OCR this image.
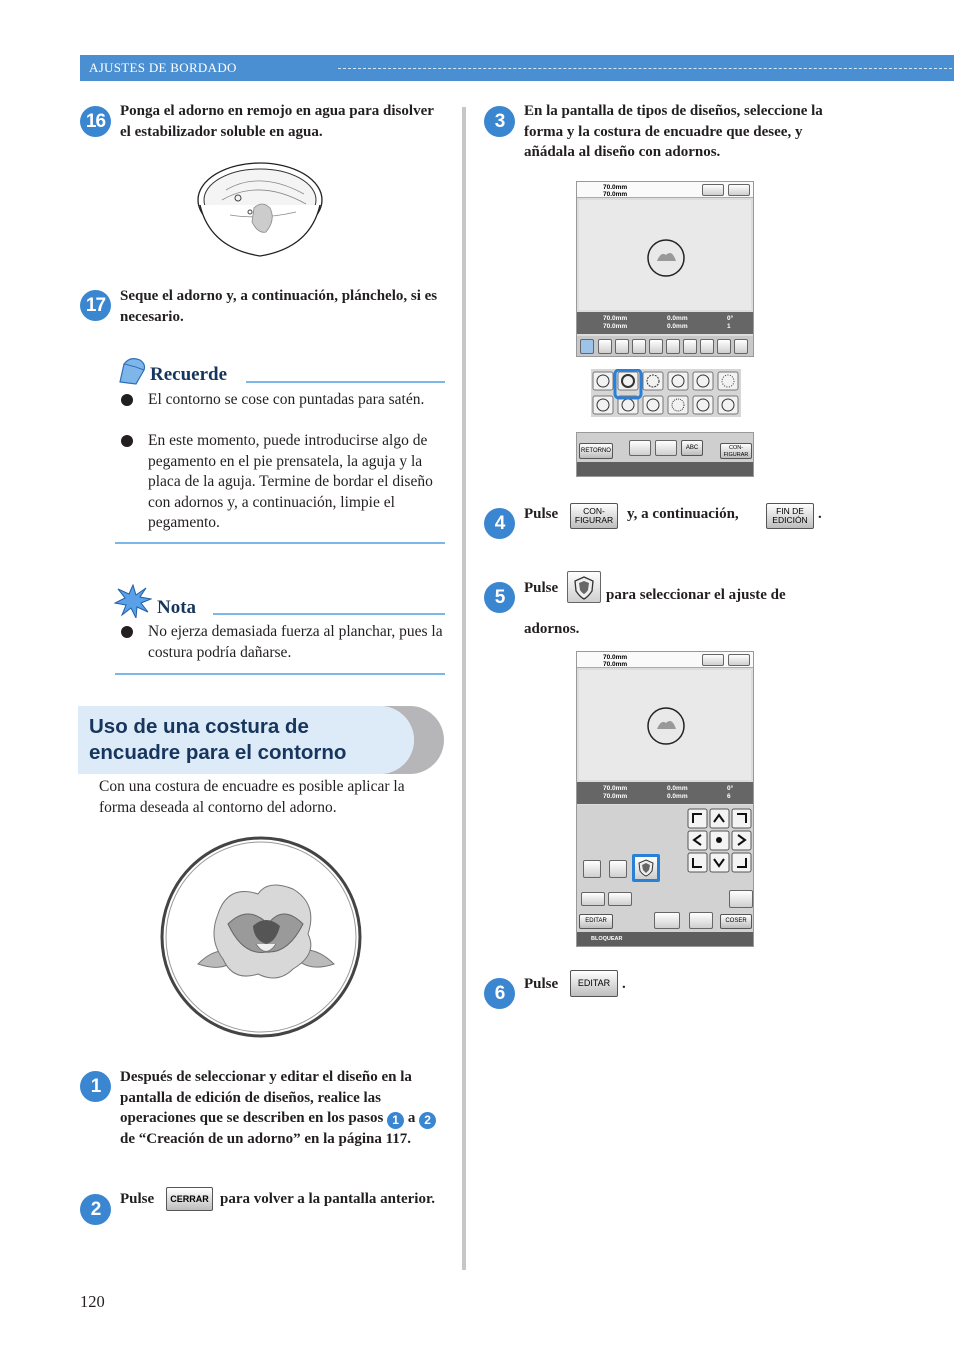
AJUSTES DE BORDADO
16 Ponga el adorno en remojo en agua para disolver el estabilizador soluble en agua.
17 Seque el adorno y, a continuación, plánchelo, si es necesario.
Recuerde
El contorno se cose con puntadas para satén.
En este momento, puede introducirse algo de pegamento en el pie prensatela, la aguja y la placa de la aguja. Termine de bordar el diseño con adornos y, a continuación, limpie el pegamento.
Nota
No ejerza demasiada fuerza al planchar, pues la costura podría dañarse.
Uso de una costura de encuadre para el contorno
Con una costura de encuadre es posible aplicar la forma deseada al contorno del adorno.
1	Después de seleccionar y editar el diseño en la pantalla de edición de diseños, realice las operaciones que se describen en los pasos 1 a 2 de “Creación de un adorno” en la página 117.
2	Pulse	CERRAR para volver a la pantalla anterior.
3	En la pantalla de tipos de diseños, seleccione la forma y la costura de encuadre que desee, y añádala al diseño con adornos.
70.0mm
70.0mm
70.0mm
70.0mm
0.0mm
0.0mm
0°
1
RETORNO	ABC	CON-
FIGURAR
4	Pulse	CON-
FIGURAR y, a continuación,	FIN DE
EDICIÓN .
5	Pulse	para seleccionar el ajuste de adornos.
70.0mm
70.0mm
70.0mm
70.0mm
0.0mm
0.0mm
0°
6
EDITAR	COSER
BLOQUEAR
6	Pulse	EDITAR .
120
